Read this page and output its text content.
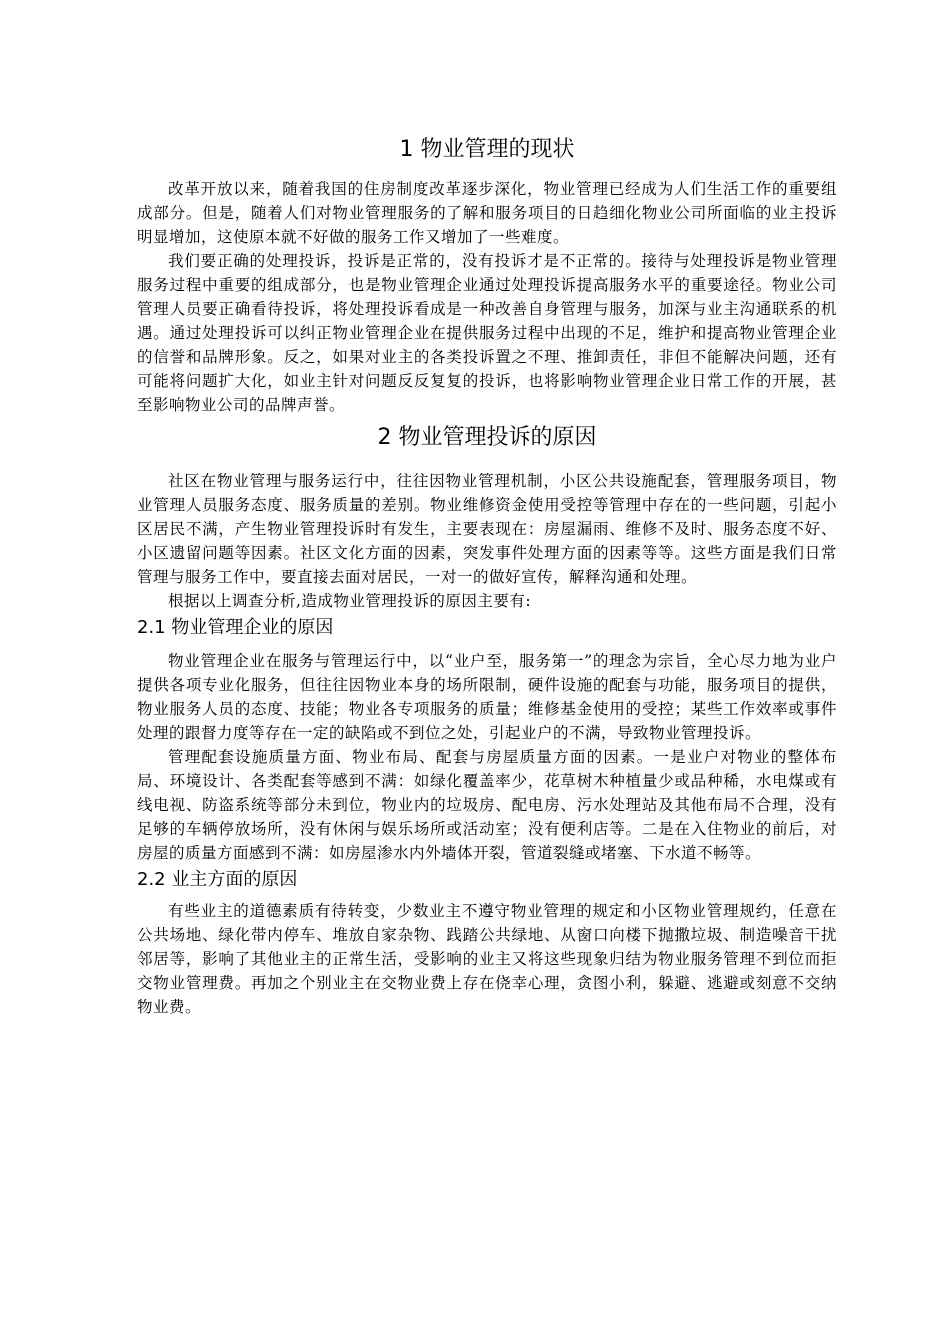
1 物业管理的现状

改革开放以来，随着我国的住房制度改革逐步深化，物业管理已经成为人们生活工作的重要组成部分。但是，随着人们对物业管理服务的了解和服务项目的日趋细化物业公司所面临的业主投诉明显增加，这使原本就不好做的服务工作又增加了一些难度。

我们要正确的处理投诉，投诉是正常的，没有投诉才是不正常的。接待与处理投诉是物业管理服务过程中重要的组成部分，也是物业管理企业通过处理投诉提高服务水平的重要途径。物业公司管理人员要正确看待投诉，将处理投诉看成是一种改善自身管理与服务，加深与业主沟通联系的机遇。通过处理投诉可以纠正物业管理企业在提供服务过程中出现的不足，维护和提高物业管理企业的信誉和品牌形象。反之，如果对业主的各类投诉置之不理、推卸责任，非但不能解决问题，还有可能将问题扩大化，如业主针对问题反反复复的投诉，也将影响物业管理企业日常工作的开展，甚至影响物业公司的品牌声誉。

2 物业管理投诉的原因

社区在物业管理与服务运行中，往往因物业管理机制，小区公共设施配套，管理服务项目，物业管理人员服务态度、服务质量的差别。物业维修资金使用受控等管理中存在的一些问题，引起小区居民不满，产生物业管理投诉时有发生，主要表现在：房屋漏雨、维修不及时、服务态度不好、小区遗留问题等因素。社区文化方面的因素，突发事件处理方面的因素等等。这些方面是我们日常管理与服务工作中，要直接去面对居民，一对一的做好宣传，解释沟通和处理。

根据以上调查分析,造成物业管理投诉的原因主要有:

2.1 物业管理企业的原因

物业管理企业在服务与管理运行中，以“业户至，服务第一”的理念为宗旨，全心尽力地为业户提供各项专业化服务，但往往因物业本身的场所限制，硬件设施的配套与功能，服务项目的提供，物业服务人员的态度、技能；物业各专项服务的质量；维修基金使用的受控；某些工作效率或事件处理的跟督力度等存在一定的缺陷或不到位之处，引起业户的不满，导致物业管理投诉。

管理配套设施质量方面、物业布局、配套与房屋质量方面的因素。一是业户对物业的整体布局、环境设计、各类配套等感到不满：如绿化覆盖率少，花草树木种植量少或品种稀，水电煤或有线电视、防盗系统等部分未到位，物业内的垃圾房、配电房、污水处理站及其他布局不合理，没有足够的车辆停放场所，没有休闲与娱乐场所或活动室；没有便利店等。二是在入住物业的前后，对房屋的质量方面感到不满：如房屋渗水内外墙体开裂，管道裂缝或堵塞、下水道不畅等。

2.2 业主方面的原因

有些业主的道德素质有待转变，少数业主不遵守物业管理的规定和小区物业管理规约，任意在公共场地、绿化带内停车、堆放自家杂物、践踏公共绿地、从窗口向楼下抛撒垃圾、制造噪音干扰邻居等，影响了其他业主的正常生活，受影响的业主又将这些现象归结为物业服务管理不到位而拒交物业管理费。再加之个别业主在交物业费上存在侥幸心理，贪图小利，躲避、逃避或刻意不交纳物业费。
